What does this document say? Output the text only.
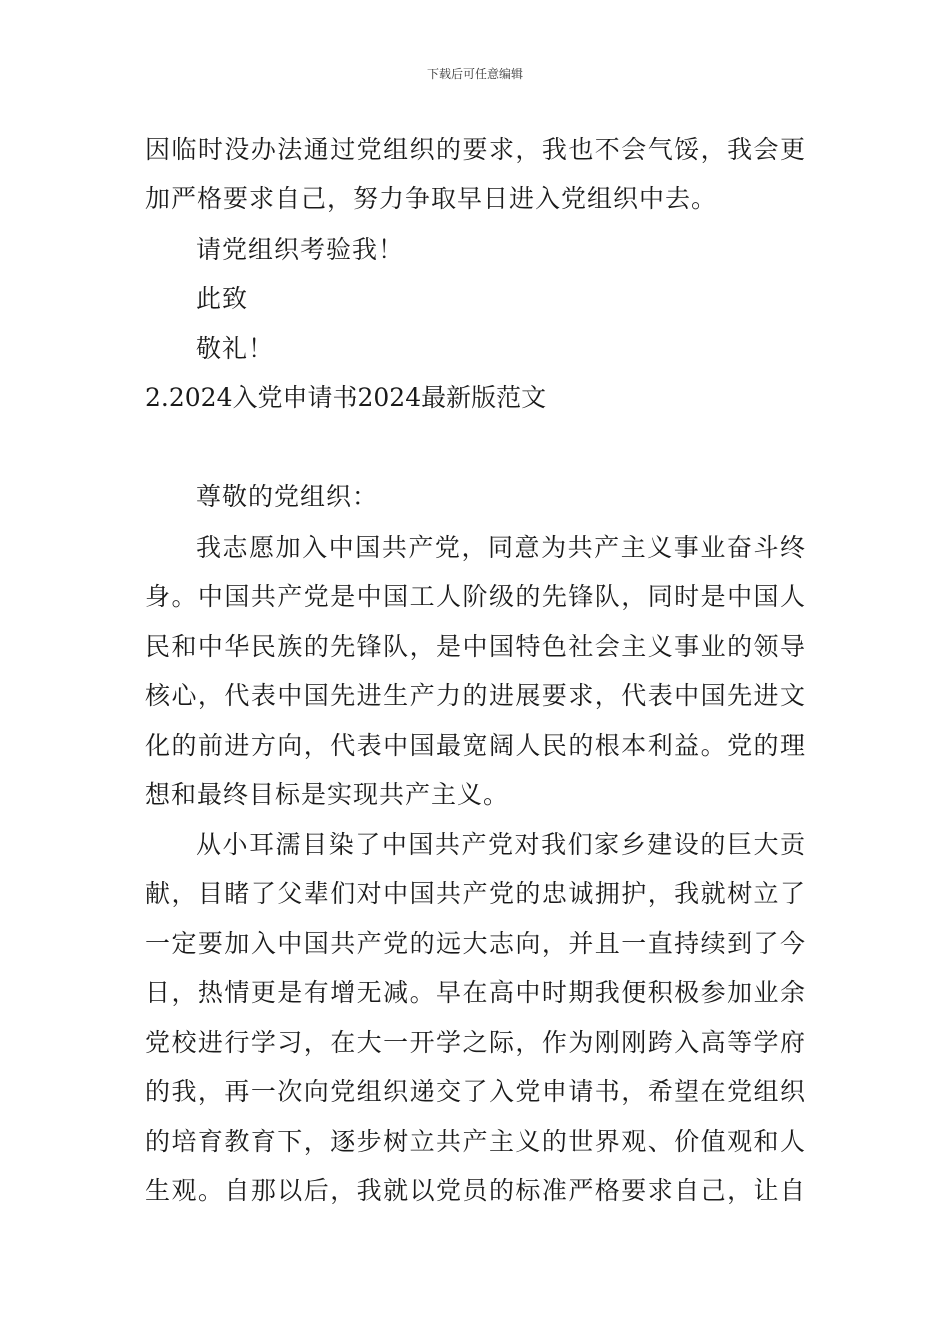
下载后可任意编辑
因临时没办法通过党组织的要求，我也不会气馁，我会更
加严格要求自己，努力争取早日进入党组织中去。
请党组织考验我！
此致
敬礼！
2.2024入党申请书2024最新版范文
尊敬的党组织：
我志愿加入中国共产党，同意为共产主义事业奋斗终
身。中国共产党是中国工人阶级的先锋队，同时是中国人
民和中华民族的先锋队，是中国特色社会主义事业的领导
核心，代表中国先进生产力的进展要求，代表中国先进文
化的前进方向，代表中国最宽阔人民的根本利益。党的理
想和最终目标是实现共产主义。
从小耳濡目染了中国共产党对我们家乡建设的巨大贡
献，目睹了父辈们对中国共产党的忠诚拥护，我就树立了
一定要加入中国共产党的远大志向，并且一直持续到了今
日，热情更是有增无减。早在高中时期我便积极参加业余
党校进行学习，在大一开学之际，作为刚刚跨入高等学府
的我，再一次向党组织递交了入党申请书，希望在党组织
的培育教育下，逐步树立共产主义的世界观、价值观和人
生观。自那以后，我就以党员的标准严格要求自己，让自
